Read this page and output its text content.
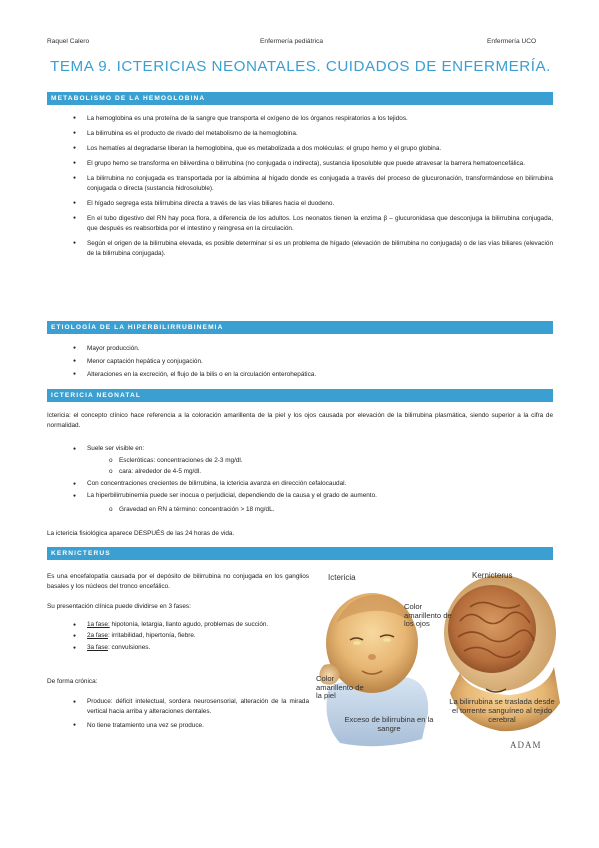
Raquel Calero	Enfermería pediátrica	Enfermería UCO
TEMA 9. ICTERICIAS NEONATALES. CUIDADOS DE ENFERMERÍA.
METABOLISMO DE LA HEMOGLOBINA
● La hemoglobina es una proteína de la sangre que transporta el oxígeno de los órganos respiratorios a los tejidos.
● La bilirrubina es el producto de rivado del metabolismo de la hemoglobina.
● Los hematíes al degradarse liberan la hemoglobina, que es metabolizada a dos moléculas: el grupo hemo y el grupo globina.
● El grupo hemo se transforma en biliverdina o bilirrubina (no conjugada o indirecta), sustancia liposoluble que puede atravesar la barrera hematoencefálica.
● La bilirrubina no conjugada es transportada por la albúmina al hígado donde es conjugada a través del proceso de glucuronación, transformándose en bilirrubina conjugada o directa (sustancia hidrosoluble).
● El hígado segrega esta bilirrubina directa a través de las vías biliares hacia el duodeno.
● En el tubo digestivo del RN hay poca flora, a diferencia de los adultos. Los neonatos tienen la enzima β – glucuronidasa que desconjuga la bilirrubina conjugada, que después es reabsorbida por el intestino y reingresa en la circulación.
● Según el origen de la bilirrubina elevada, es posible determinar si es un problema de hígado (elevación de bilirrubina no conjugada) o de las vías biliares (elevación de la bilirrubina conjugada).
ETIOLOGÍA DE LA HIPERBILIRRUBINEMIA
● Mayor producción.
● Menor captación hepática y conjugación.
● Alteraciones en la excreción, el flujo de la bilis o en la circulación enterohepática.
ICTERICIA NEONATAL
Ictericia: el concepto clínico hace referencia a la coloración amarillenta de la piel y los ojos causada por elevación de la bilirrubina plasmática, siendo superior a la cifra de normalidad.
● Suele ser visible en:
o Escleróticas: concentraciones de 2-3 mg/dl.
o cara: alrededor de 4-5 mg/dl.
● Con concentraciones crecientes de bilirrubina, la ictericia avanza en dirección cefalocaudal.
● La hiperbilirrubinemia puede ser inocua o perjudicial, dependiendo de la causa y el grado de aumento.
o Gravedad en RN a término: concentración > 18 mg/dL.
La ictericia fisiológica aparece DESPUÉS de las 24 horas de vida.
KERNICTERUS
Es una encefalopatía causada por el depósito de bilirrubina no conjugada en los ganglios basales y los núcleos del tronco encefálico.
Su presentación clínica puede dividirse en 3 fases:
● 1a fase: hipotonía, letargia, llanto agudo, problemas de succión.
● 2a fase: irritabilidad, hipertonía, fiebre.
● 3a fase: convulsiones.
De forma crónica:
● Produce: déficit intelectual, sordera neurosensorial, alteración de la mirada vertical hacia arriba y alteraciones dentales.
● No tiene tratamiento una vez se produce.
Ictericia	Kernicterus
Color amarillento de los ojos
Color amarillento de la piel
Exceso de bilirrubina en la sangre
La bilirrubina se traslada desde el torrente sanguíneo al tejido cerebral
ADAM
